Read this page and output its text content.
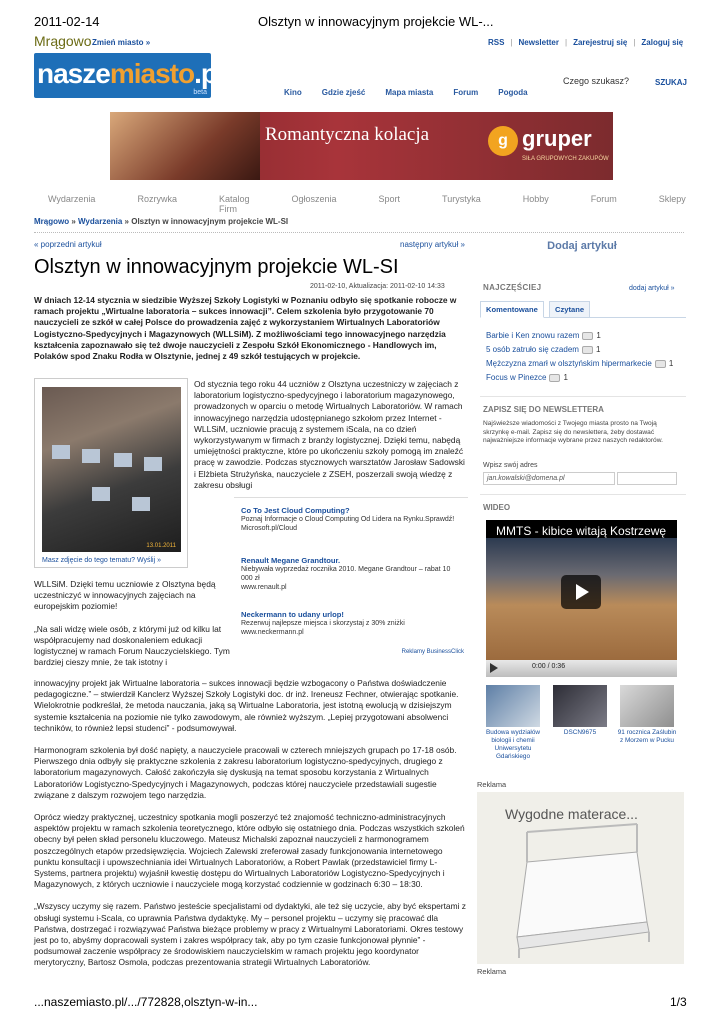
2011-02-14	Olsztyn w innowacyjnym projekcie WL-...
Mrągowo Zmień miasto »	RSS | Newsletter | Zarejestruj się | Zaloguj się
naszemiasto.pl
beta
Czego szukasz?	SZUKAJ
Kino	Gdzie zjeść	Mapa miasta	Forum	Pogoda
Romantyczna kolacja	g gruper
SIŁA GRUPOWYCH ZAKUPÓW
Wydarzenia	Rozrywka	Katalog Firm
Ogłoszenia	Sport	Turystyka	Hobby	Forum	Sklepy
Mrągowo » Wydarzenia » Olsztyn w innowacyjnym projekcie WL-SI
« poprzedni artykuł	następny artykuł »
Olsztyn w innowacyjnym projekcie WL-SI
2011-02-10, Aktualizacja: 2011-02-10 14:33
W dniach 12-14 stycznia w siedzibie Wyższej Szkoły Logistyki w Poznaniu odbyło się spotkanie robocze w ramach projektu „Wirtualne laboratoria – sukces innowacji”. Celem szkolenia było przygotowanie 70 nauczycieli ze szkół w całej Polsce do prowadzenia zajęć z wykorzystaniem Wirtualnych Laboratoriów Logistyczno-Spedycyjnych i Magazynowych (WLLSiM). Z możliwościami tego innowacyjnego narzędzia kształcenia zapoznawało się też dwoje nauczycieli z Zespołu Szkół Ekonomicznego - Handlowych im, Polaków spod Znaku Rodła w Olsztynie, jednej z 49 szkół testujących w projekcie.
13.01.2011
Masz zdjęcie do tego tematu? Wyślij »
Od stycznia tego roku 44 uczniów z Olsztyna uczestniczy w zajęciach z laboratorium logistyczno-spedycyjnego i laboratorium magazynowego, prowadzonych w oparciu o metodę Wirtualnych Laboratoriów. W ramach innowacyjnego narzędzia udostępnianego szkołom przez Internet - WLLSiM, uczniowie pracują z systemem iScala, na co dzień wykorzystywanym w firmach z branży logistycznej. Dzięki temu, nabędą umiejętności praktyczne, które po ukończeniu szkoły pomogą im znaleźć pracę w zawodzie. Podczas stycznowych warsztatów Jarosław Sadowski i Elżbieta Strużyńska, nauczyciele z ZSEH, poszerzali swoją wiedzę z zakresu obsługi
Co To Jest Cloud Computing?
Poznaj Informacje o Cloud Computing Od Lidera na Rynku.Sprawdź!
Microsoft.pl/Cloud
Renault Megane Grandtour.
Niebywała wyprzedaż rocznika 2010. Megane Grandtour – rabat 10 000 zł
www.renault.pl
Neckermann to udany urlop!
Rezerwuj najlepsze miejsca i skorzystaj z 30% zniżki
www.neckermann.pl
Reklamy BusinessClick
WLLSiM. Dzięki temu uczniowie z Olsztyna będą uczestniczyć w innowacyjnych zajęciach na europejskim poziomie!
„Na sali widzę wiele osób, z którymi już od kilku lat współpracujemy nad doskonaleniem edukacji logistycznej w ramach Forum Nauczycielskiego. Tym bardziej cieszy mnie, że tak istotny i

innowacyjny projekt jak Wirtualne laboratoria – sukces innowacji będzie wzbogacony o Państwa doświadczenie pedagogiczne.” – stwierdził Kanclerz Wyższej Szkoły Logistyki doc. dr inż. Ireneusz Fechner, otwierając spotkanie. Wielokrotnie podkreślał, że metoda nauczania, jaką są Wirtualne Laboratoria, jest istotną ewolucją w dzisiejszym systemie kształcenia na poziomie nie tylko zawodowym, ale również wyższym. „Lepiej przygotowani absolwenci techników, to również lepsi studenci” - podsumowywał.

Harmonogram szkolenia był dość napięty, a nauczyciele pracowali w czterech mniejszych grupach po 17-18 osób. Pierwszego dnia odbyły się praktyczne szkolenia z zakresu laboratorium logistyczno-spedycyjnych, drugiego z laboratorium magazynowych. Całość zakończyła się dyskusją na temat sposobu korzystania z Wirtualnych Laboratoriów Logistyczno-Spedycyjnych i Magazynowych, podczas której nauczyciele przedstawiali sugestie związane z dalszym rozwojem tego narzędzia.

Oprócz wiedzy praktycznej, uczestnicy spotkania mogli poszerzyć też znajomość techniczno-administracyjnych aspektów projektu w ramach szkolenia teoretycznego, które odbyło się ostatniego dnia. Podczas wszystkich szkoleń obecny był pełen skład personelu kluczowego. Mateusz Michalski zapoznał nauczycieli z harmonogramem poszczególnych etapów przedsięwzięcia. Wojciech Zalewski zreferował zasady funkcjonowania internetowego punktu konsultacji i upowszechniania idei Wirtualnych Laboratoriów, a Robert Pawlak (przedstawiciel firmy L-Systems, partnera projektu) wyjaśnił kwestię dostępu do Wirtualnych Laboratoriów Logistyczno-Spedycyjnych i Magazynowych, z których uczniowie i nauczyciele mogą korzystać codziennie w godzinach 6:30 – 18:30.

„Wszyscy uczymy się razem. Państwo jesteście specjalistami od dydaktyki, ale też się uczycie, aby być ekspertami z obsługi systemu i-Scala, co uprawnia Państwa dydaktykę. My – personel projektu – uczymy się pracować dla Państwa, dostrzegać i rozwiązywać Państwa bieżące problemy w pracy z Wirtualnymi Laboratoriami. Okres testowy jest po to, abyśmy dopracowali system i zakres współpracy tak, aby po tym czasie funkcjonował płynnie” - podsumował zaczenie współpracy ze środowiskiem nauczycielskim w ramach projektu jego koordynator merytoryczny, Bartosz Osmola, podczas prezentowania strategii Wirtualnych Laboratoriów.

Dodaj artykuł
NAJCZĘŚCIEJ	dodaj artykuł »
Komentowane	Czytane
Barbie i Ken znowu razem 1
5 osób zatruło się czadem 1
Mężczyzna zmarł w olsztyńskim hipermarkecie 1
Focus w Pinezce 1
ZAPISZ SIĘ DO NEWSLETTERA
Najświeższe wiadomości z Twojego miasta prosto na Twoją skrzynkę e-mail. Zapisz się do newslettera, żeby dostawać najważniejsze informacje wybrane przez naszych redaktorów.
Wpisz swój adres
jan.kowalski@domena.pl
WIDEO
MMTS - kibice witają Kostrzewę
0:00 / 0:36
Budowa wydziałów biologii i chemii Uniwersytetu Gdańskiego
DSCN9675	91 rocznica Zaślubin z Morzem w Pucku
Reklama
Wygodne materace...
Reklama
...naszemiasto.pl/.../772828,olsztyn-w-in...	1/3
